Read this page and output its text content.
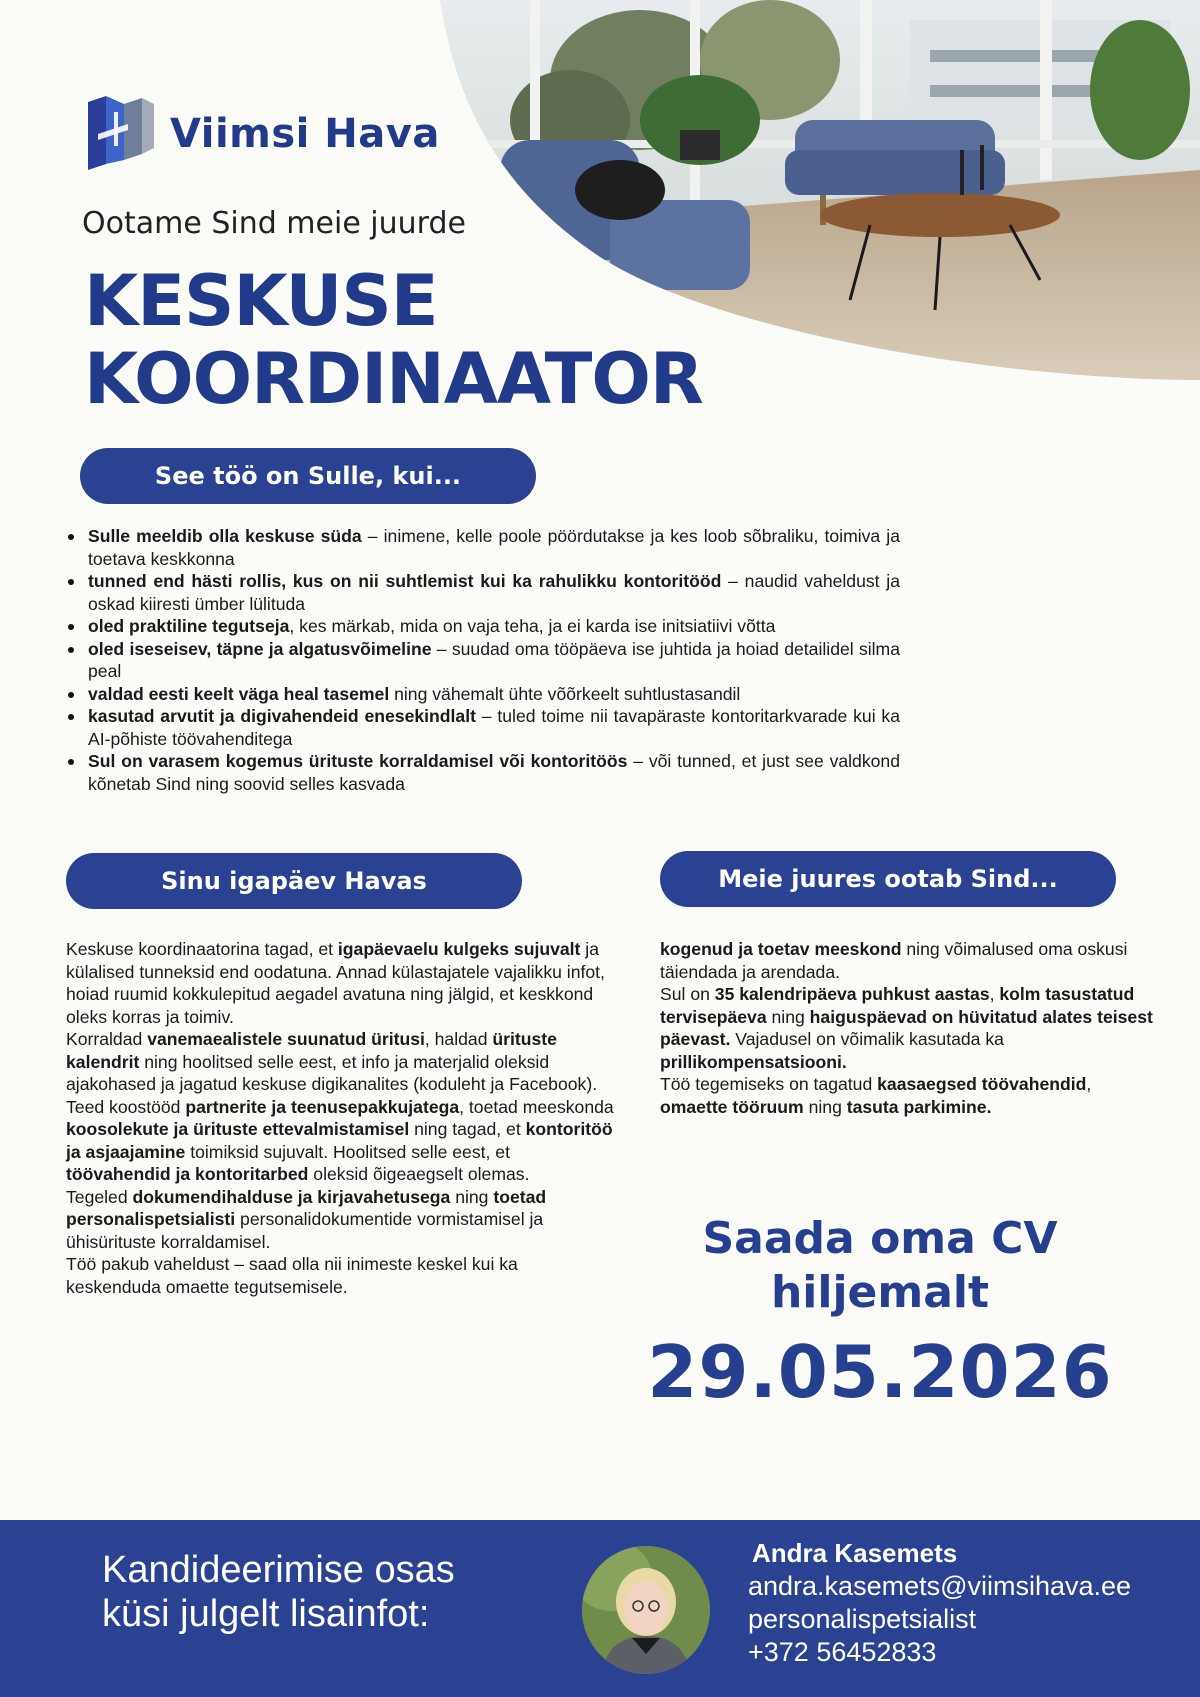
Viimsi Hava
Ootame Sind meie juurde
KESKUSE
KOORDINAATOR
See töö on Sulle, kui...
Sulle meeldib olla keskuse süda – inimene, kelle poole pöördutakse ja kes loob sõbraliku, toimiva ja toetava keskkonna
tunned end hästi rollis, kus on nii suhtlemist kui ka rahulikku kontoritööd – naudid vaheldust ja oskad kiiresti ümber lülituda
oled praktiline tegutseja, kes märkab, mida on vaja teha, ja ei karda ise initsiatiivi võtta
oled iseseisev, täpne ja algatusvõimeline – suudad oma tööpäeva ise juhtida ja hoiad detailidel silma peal
valdad eesti keelt väga heal tasemel ning vähemalt ühte võõrkeelt suhtlustasandil
kasutad arvutit ja digivahendeid enesekindlalt – tuled toime nii tavapäraste kontoritarkvarade kui ka AI-põhiste töövahenditega
Sul on varasem kogemus ürituste korraldamisel või kontoritöös – või tunned, et just see valdkond kõnetab Sind ning soovid selles kasvada
Sinu igapäev Havas	Meie juures ootab Sind...

Keskuse koordinaatorina tagad, et igapäevaelu kulgeks sujuvalt ja külalised tunneksid end oodatuna. Annad külastajatele vajalikku infot, hoiad ruumid kokkulepitud aegadel avatuna ning jälgid, et keskkond oleks korras ja toimiv.

Korraldad vanemaealistele suunatud üritusi, haldad ürituste kalendrit ning hoolitsed selle eest, et info ja materjalid oleksid ajakohased ja jagatud keskuse digikanalites (koduleht ja Facebook).

Teed koostööd partnerite ja teenusepakkujatega, toetad meeskonda koosolekute ja ürituste ettevalmistamisel ning tagad, et kontoritöö ja asjaajamine toimiksid sujuvalt. Hoolitsed selle eest, et töövahendid ja kontoritarbed oleksid õigeaegselt olemas.

Tegeled dokumendihalduse ja kirjavahetusega ning toetad personalispetsialisti personalidokumentide vormistamisel ja ühisürituste korraldamisel.

Töö pakub vaheldust – saad olla nii inimeste keskel kui ka keskenduda omaette tegutsemisele.

kogenud ja toetav meeskond ning võimalused oma oskusi täiendada ja arendada.

Sul on 35 kalendripäeva puhkust aastas, kolm tasustatud tervisepäeva ning haiguspäevad on hüvitatud alates teisest päevast. Vajadusel on võimalik kasutada ka prillikompensatsiooni.

Töö tegemiseks on tagatud kaasaegsed töövahendid, omaette tööruum ning tasuta parkimine.

Saada oma CV
hiljemalt
29.05.2026
Kandideerimise osas
küsi julgelt lisainfot:
Andra Kasemets
andra.kasemets@viimsihava.ee
personalispetsialist
+372 56452833
